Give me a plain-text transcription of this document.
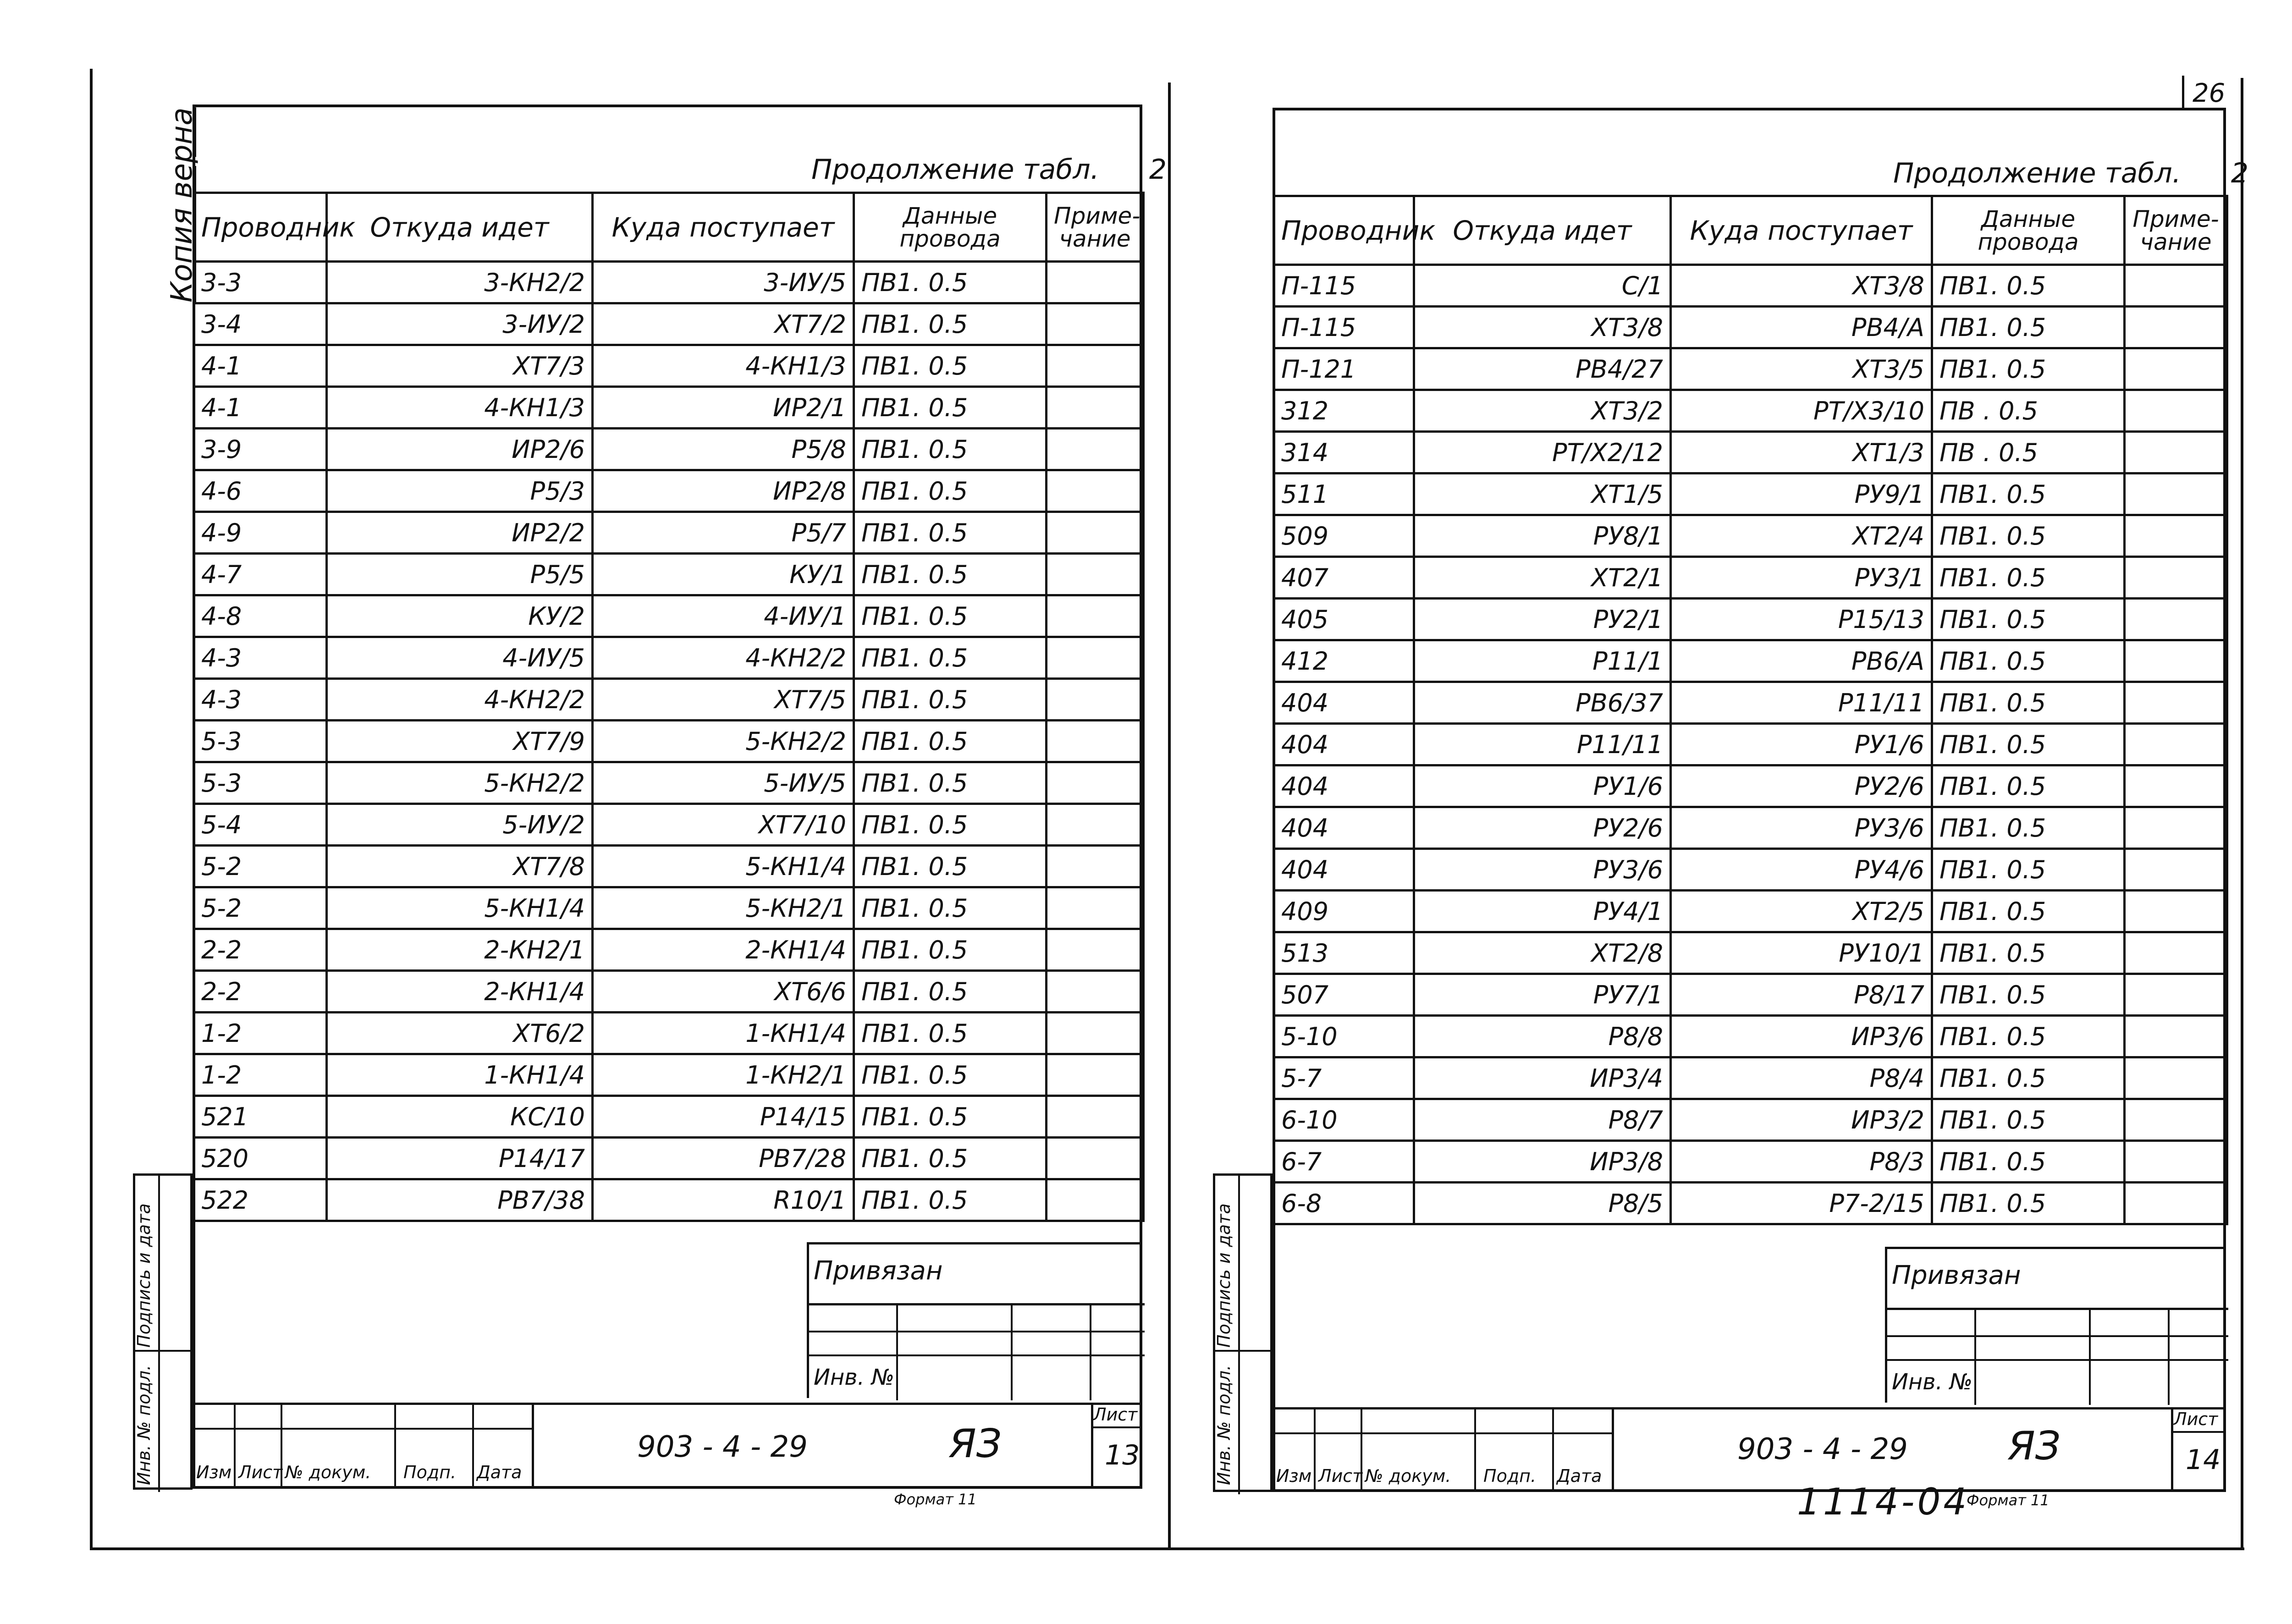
Копия верна	Продолжение табл. 2
Проводник	Откуда идет	Куда поступает	Данные провода	Приме-чание
3-3	3-КН2/2	3-ИУ/5	ПВ1. 0.5	
3-4	3-ИУ/2	ХТ7/2	ПВ1. 0.5	
4-1	ХТ7/3	4-КН1/3	ПВ1. 0.5	
4-1	4-КН1/3	ИР2/1	ПВ1. 0.5	
3-9	ИР2/6	Р5/8	ПВ1. 0.5	
4-6	Р5/3	ИР2/8	ПВ1. 0.5	
4-9	ИР2/2	Р5/7	ПВ1. 0.5	
4-7	Р5/5	КУ/1	ПВ1. 0.5	
4-8	КУ/2	4-ИУ/1	ПВ1. 0.5	
4-3	4-ИУ/5	4-КН2/2	ПВ1. 0.5	
4-3	4-КН2/2	ХТ7/5	ПВ1. 0.5	
5-3	ХТ7/9	5-КН2/2	ПВ1. 0.5	
5-3	5-КН2/2	5-ИУ/5	ПВ1. 0.5	
5-4	5-ИУ/2	ХТ7/10	ПВ1. 0.5	
5-2	ХТ7/8	5-КН1/4	ПВ1. 0.5	
5-2	5-КН1/4	5-КН2/1	ПВ1. 0.5	
2-2	2-КН2/1	2-КН1/4	ПВ1. 0.5	
2-2	2-КН1/4	ХТ6/6	ПВ1. 0.5	
1-2	ХТ6/2	1-КН1/4	ПВ1. 0.5	
1-2	1-КН1/4	1-КН2/1	ПВ1. 0.5	
521	КС/10	Р14/15	ПВ1. 0.5	
520	Р14/17	РВ7/28	ПВ1. 0.5	
522	РВ7/38	R10/1	ПВ1. 0.5	
Привязан
Инв. №
Изм Лист № докум. Подп. Дата
903 - 4 - 29	ЯЗ
Лист
13
Формат 11
Подпись и дата
Инв. № подл.
26
Продолжение табл. 2
Проводник	Откуда идет	Куда поступает	Данные провода	Приме-чание
П-115	С/1	ХТ3/8	ПВ1. 0.5	
П-115	ХТ3/8	РВ4/А	ПВ1. 0.5	
П-121	РВ4/27	ХТ3/5	ПВ1. 0.5	
312	ХТ3/2	РТ/Х3/10	ПВ . 0.5	
314	РТ/Х2/12	ХТ1/3	ПВ . 0.5	
511	ХТ1/5	РУ9/1	ПВ1. 0.5	
509	РУ8/1	ХТ2/4	ПВ1. 0.5	
407	ХТ2/1	РУ3/1	ПВ1. 0.5	
405	РУ2/1	Р15/13	ПВ1. 0.5	
412	Р11/1	РВ6/А	ПВ1. 0.5	
404	РВ6/37	Р11/11	ПВ1. 0.5	
404	Р11/11	РУ1/6	ПВ1. 0.5	
404	РУ1/6	РУ2/6	ПВ1. 0.5	
404	РУ2/6	РУ3/6	ПВ1. 0.5	
404	РУ3/6	РУ4/6	ПВ1. 0.5	
409	РУ4/1	ХТ2/5	ПВ1. 0.5	
513	ХТ2/8	РУ10/1	ПВ1. 0.5	
507	РУ7/1	Р8/17	ПВ1. 0.5	
5-10	Р8/8	ИР3/6	ПВ1. 0.5	
5-7	ИР3/4	Р8/4	ПВ1. 0.5	
6-10	Р8/7	ИР3/2	ПВ1. 0.5	
6-7	ИР3/8	Р8/3	ПВ1. 0.5	
6-8	Р8/5	Р7-2/15	ПВ1. 0.5	
Привязан
Инв. №
Изм Лист № докум. Подп. Дата
903 - 4 - 29	ЯЗ
Лист
14
1114-04
Формат 11
Подпись и дата
Инв. № подл.
